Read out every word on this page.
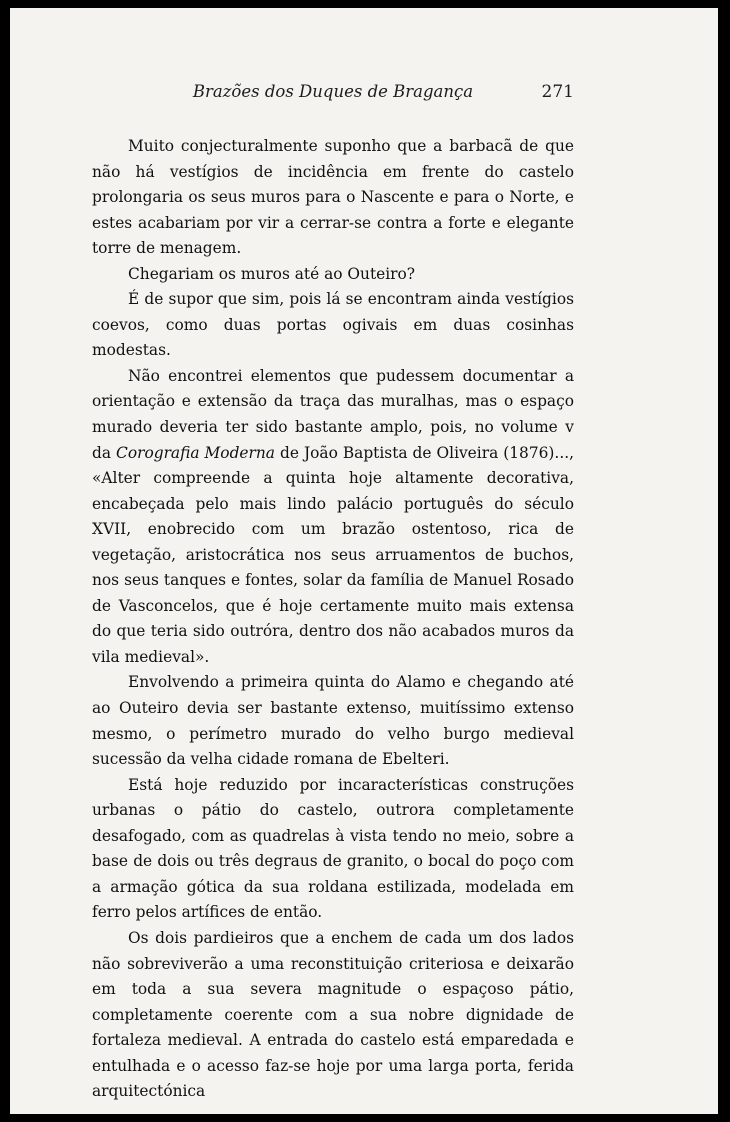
Brazões dos Duques de Bragança	271

Muito conjecturalmente suponho que a barbacã de que não há vestígios de incidência em frente do castelo prolongaria os seus muros para o Nascente e para o Norte, e estes acabariam por vir a cerrar-se contra a forte e elegante torre de menagem.

Chegariam os muros até ao Outeiro?

É de supor que sim, pois lá se encontram ainda vestígios coevos, como duas portas ogivais em duas cosinhas modestas.

Não encontrei elementos que pudessem documentar a orientação e extensão da traça das muralhas, mas o espaço murado deveria ter sido bastante amplo, pois, no volume v da Corografia Moderna de João Baptista de Oliveira (1876)..., «Alter compreende a quinta hoje altamente decorativa, encabeçada pelo mais lindo palácio português do século XVII, enobrecido com um brazão ostentoso, rica de vegetação, aristocrática nos seus arruamentos de buchos, nos seus tanques e fontes, solar da família de Manuel Rosado de Vasconcelos, que é hoje certamente muito mais extensa do que teria sido outróra, dentro dos não acabados muros da vila medieval».

Envolvendo a primeira quinta do Alamo e chegando até ao Outeiro devia ser bastante extenso, muitíssimo extenso mesmo, o perímetro murado do velho burgo medieval sucessão da velha cidade romana de Ebelteri.

Está hoje reduzido por incaracterísticas construções urbanas o pátio do castelo, outrora completamente desafogado, com as quadrelas à vista tendo no meio, sobre a base de dois ou três degraus de granito, o bocal do poço com a armação gótica da sua roldana estilizada, modelada em ferro pelos artífices de então.

Os dois pardieiros que a enchem de cada um dos lados não sobreviverão a uma reconstituição criteriosa e deixarão em toda a sua severa magnitude o espaçoso pátio, completamente coerente com a sua nobre dignidade de fortaleza medieval. A entrada do castelo está emparedada e entulhada e o acesso faz-se hoje por uma larga porta, ferida arquitectónica
